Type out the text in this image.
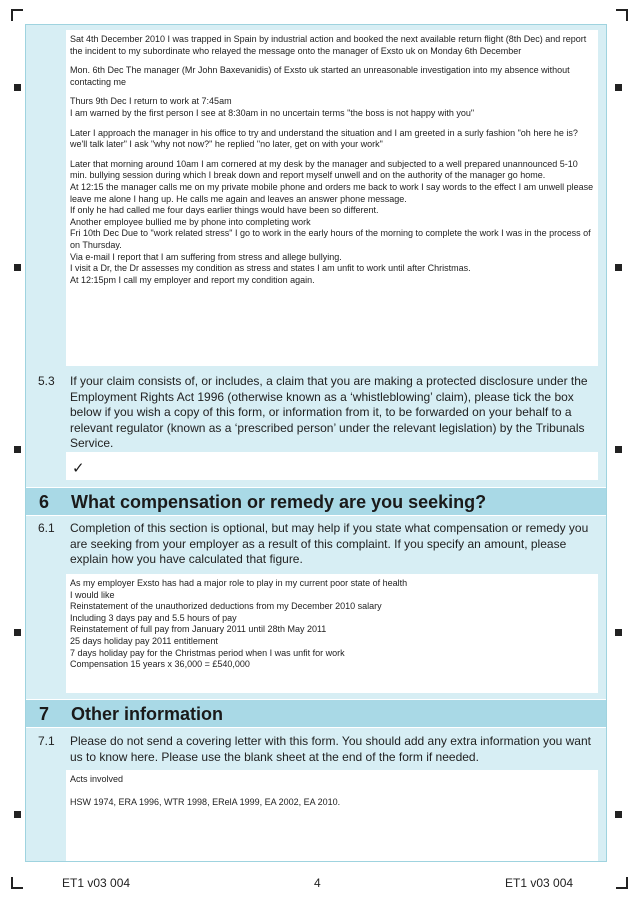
Sat 4th December 2010 I was trapped in Spain by industrial action and booked the next available return flight (8th Dec) and report the incident to my subordinate who relayed the message onto the manager of Exsto uk on Monday 6th December

Mon. 6th Dec The manager (Mr John Baxevanidis) of Exsto uk started an unreasonable investigation into my absence without contacting me

Thurs 9th Dec I return to work at 7:45am
I am warned by the first person I see at 8:30am in no uncertain terms "the boss is not happy with you"

Later I approach the manager in his office to try and understand the situation and I am greeted in a surly fashion "oh here he is? we'll talk later" I ask "why not now?" he replied "no later, get on with your work"

Later that morning around 10am I am cornered at my desk by the manager and subjected to a well prepared unannounced 5-10 min. bullying session during which I break down and report myself unwell and on the authority of the manager go home.
At 12:15 the manager calls me on my private mobile phone and orders me back to work I say words to the effect I am unwell please leave me alone I hang up. He calls me again and leaves an answer phone message.
If only he had called me four days earlier things would have been so different.
Another employee bullied me by phone into completing work
Fri 10th Dec Due to "work related stress" I go to work in the early hours of the morning to complete the work I was in the process of on Thursday.
Via e-mail I report that I am suffering from stress and allege bullying.
I visit a Dr, the Dr assesses my condition as stress and states I am unfit to work until after Christmas.
At 12:15pm I call my employer and report my condition again.

5.3 If your claim consists of, or includes, a claim that you are making a protected disclosure under the Employment Rights Act 1996 (otherwise known as a ‘whistleblowing’ claim), please tick the box below if you wish a copy of this form, or information from it, to be forwarded on your behalf to a relevant regulator (known as a ‘prescribed person’ under the relevant legislation) by the Tribunals Service.
✓
6 What compensation or remedy are you seeking?
6.1 Completion of this section is optional, but may help if you state what compensation or remedy you are seeking from your employer as a result of this complaint. If you specify an amount, please explain how you have calculated that figure.

As my employer Exsto has had a major role to play in my current poor state of health

I would like

Reinstatement of the unauthorized deductions from my December 2010 salary

Including 3 days pay and 5.5 hours of pay

Reinstatement of full pay from January 2011 until 28th May 2011

25 days holiday pay 2011 entitlement

7 days holiday pay for the Christmas period when I was unfit for work

Compensation 15 years x 36,000 = £540,000

7 Other information
7.1 Please do not send a covering letter with this form. You should add any extra information you want us to know here. Please use the blank sheet at the end of the form if needed.

Acts involved

HSW 1974, ERA 1996, WTR 1998, ERelA 1999, EA 2002, EA 2010.

ET1 v03 004	4	ET1 v03 004
